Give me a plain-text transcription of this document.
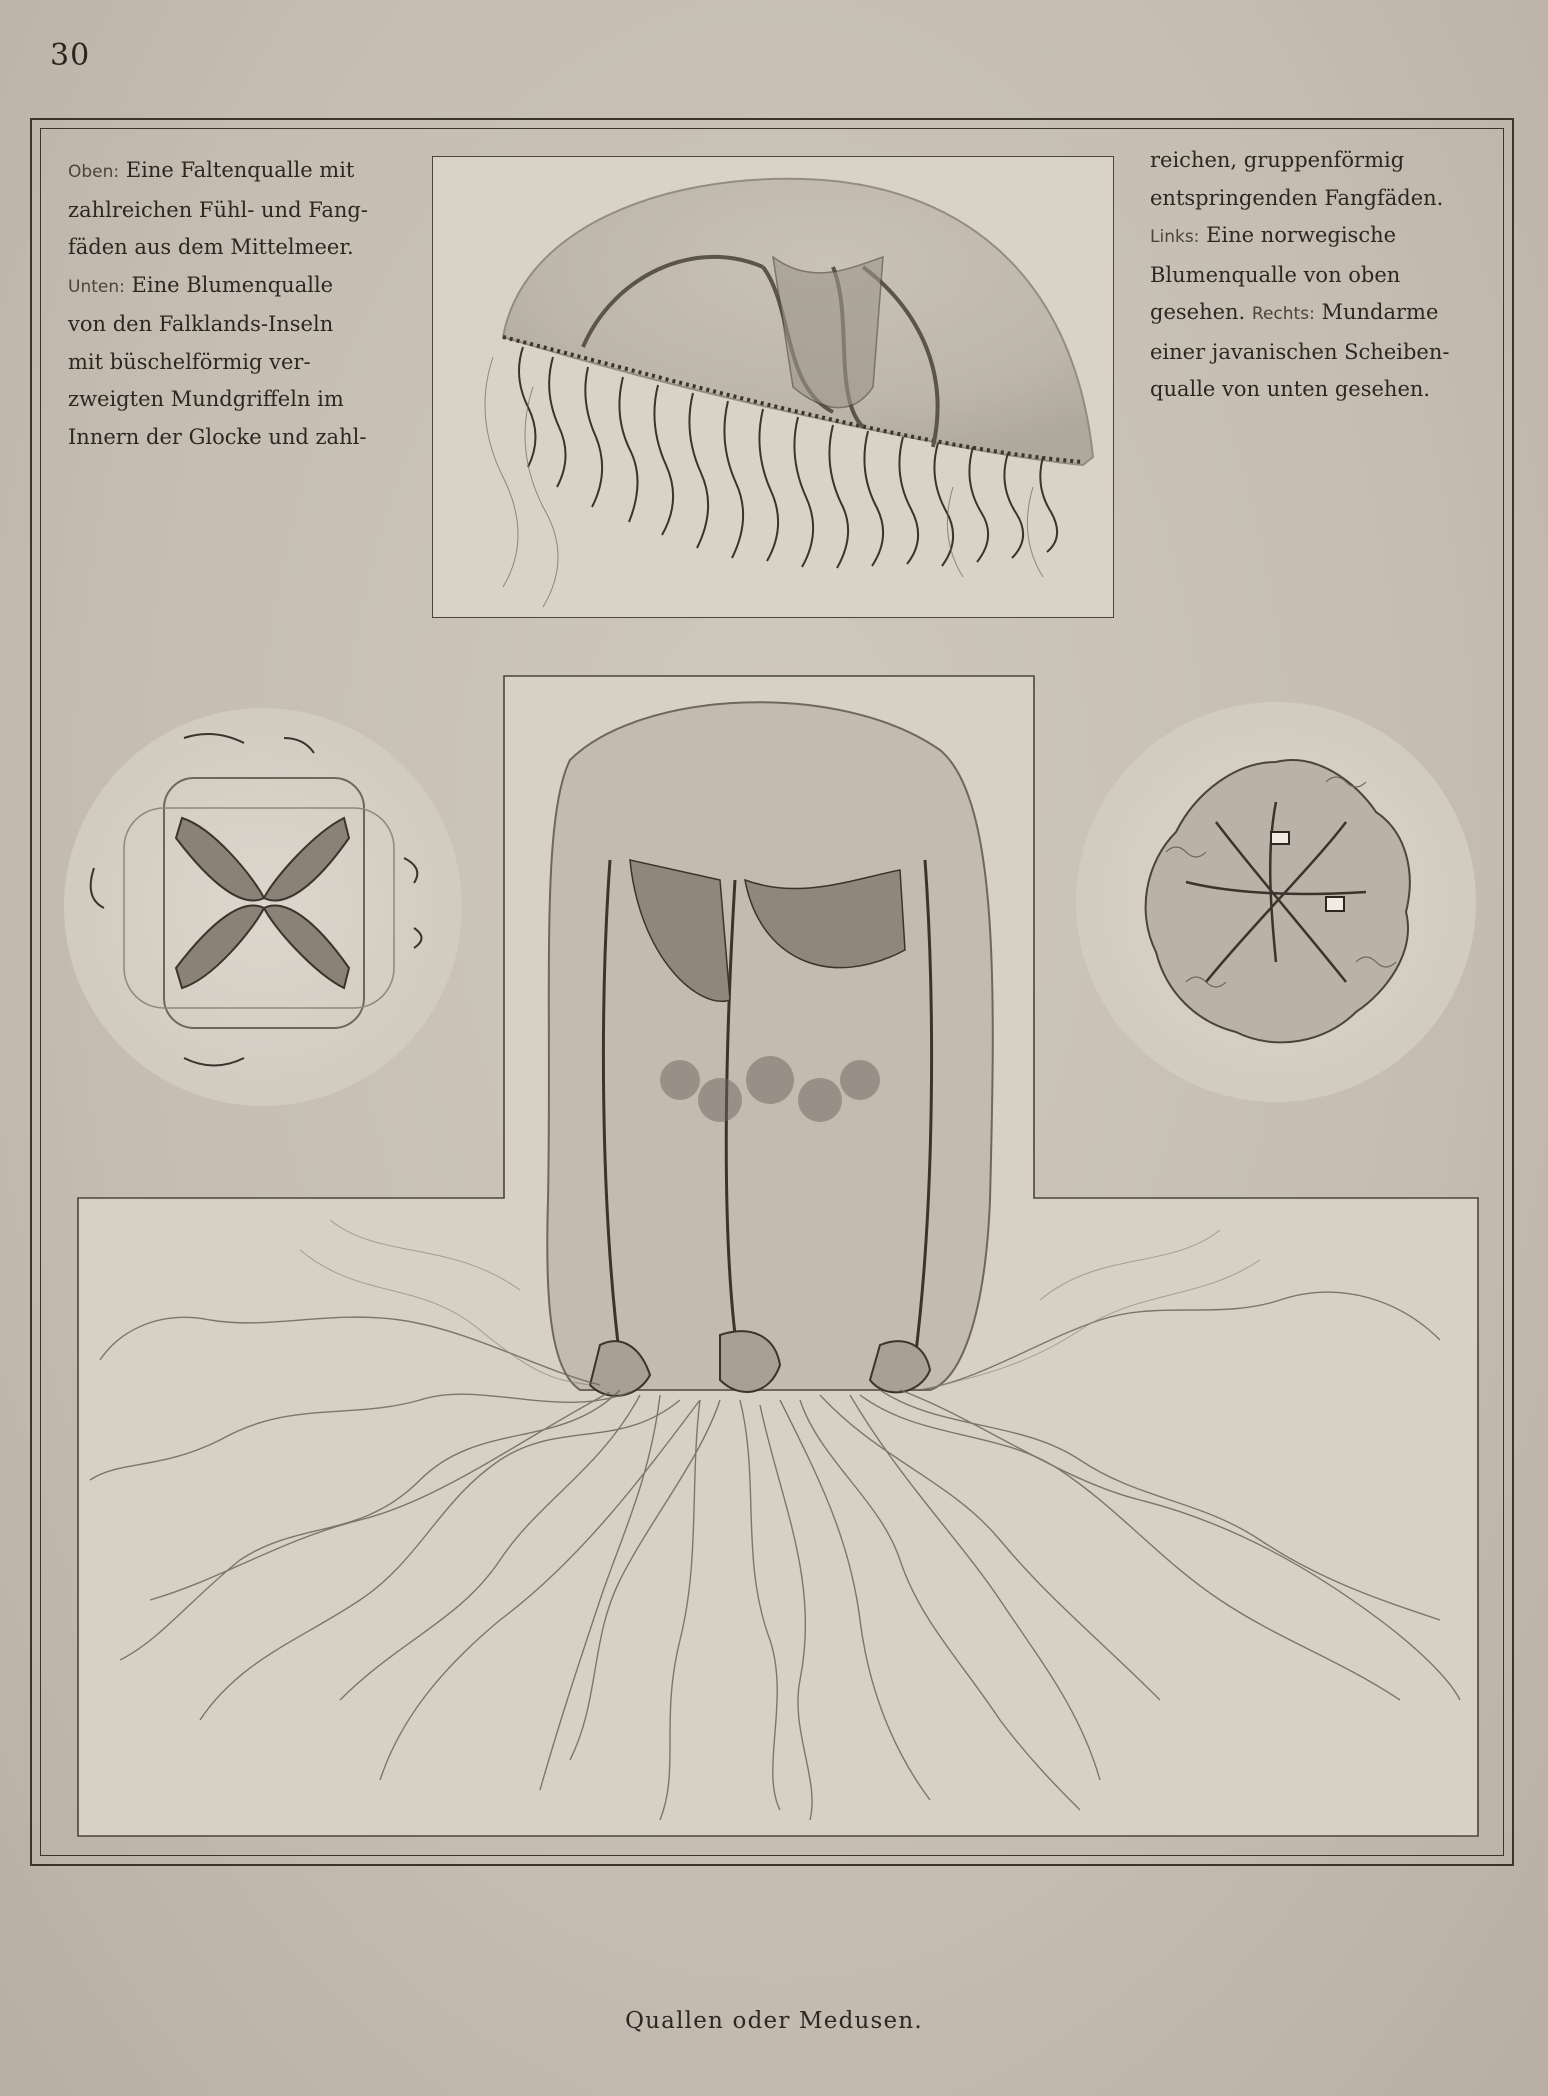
30
Oben: Eine Faltenqualle mit
zahlreichen Fühl- und Fang-
fäden aus dem Mittelmeer.
Unten: Eine Blumenqualle
von den Falklands-Inseln
mit büschelförmig ver-
zweigten Mundgriffeln im
Innern der Glocke und zahl-
reichen, gruppenförmig
entspringenden Fangfäden.
Links: Eine norwegische
Blumenqualle von oben
gesehen. Rechts: Mundarme
einer javanischen Scheiben-
qualle von unten gesehen.
Quallen oder Medusen.
